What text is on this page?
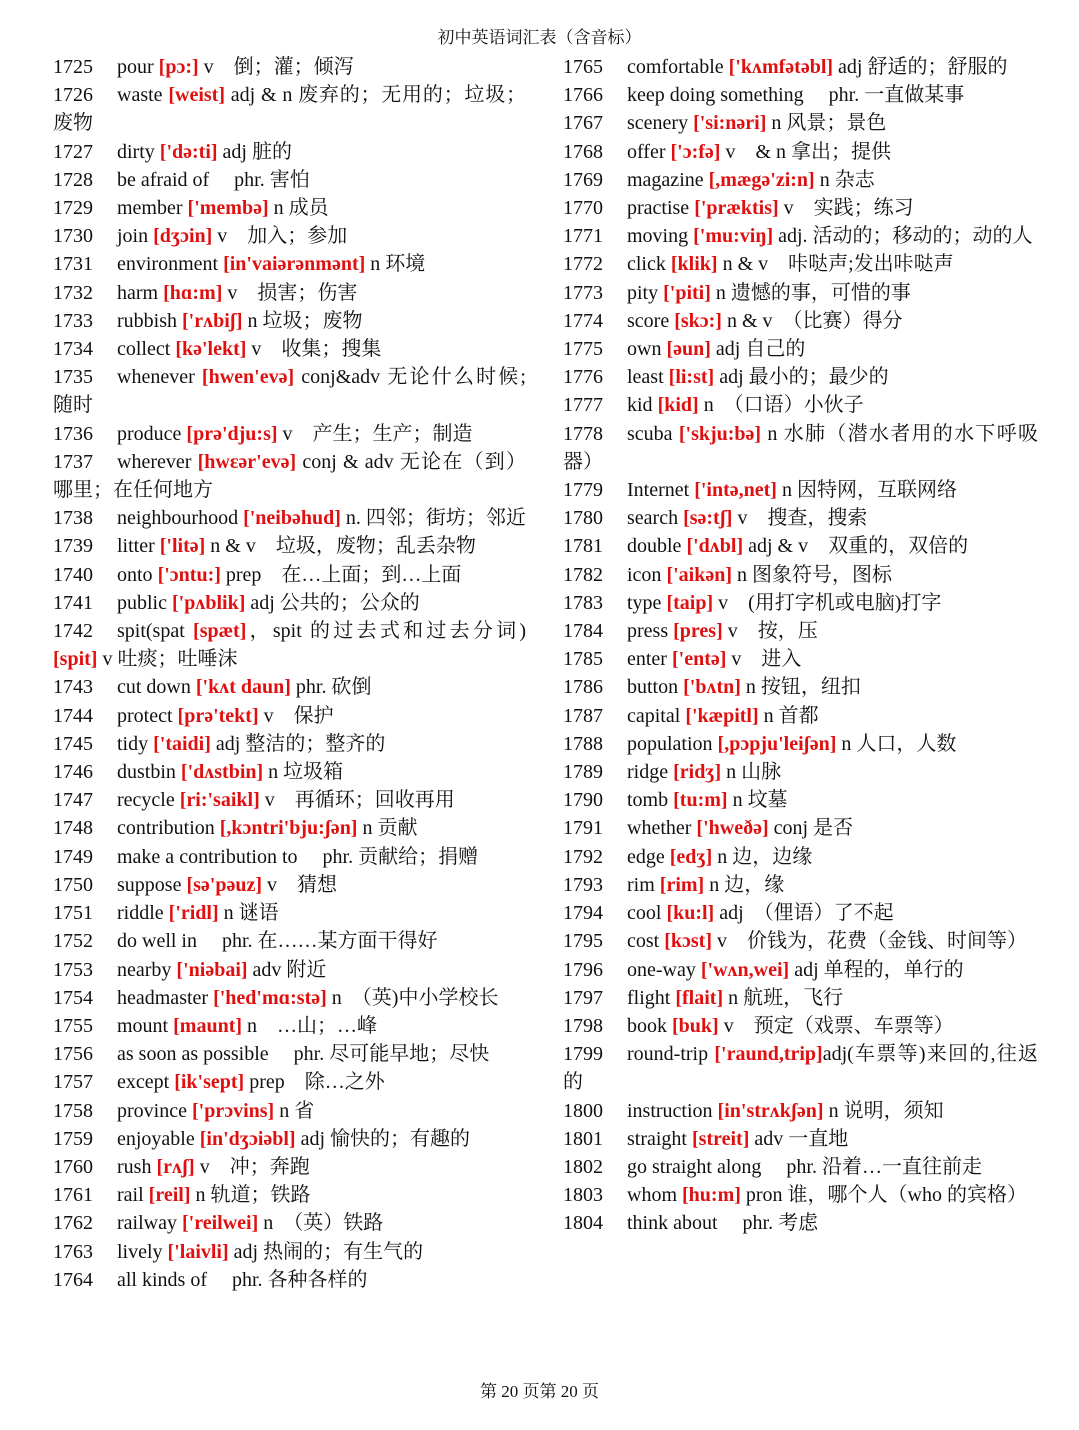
初中英语词汇表（含音标）
1725 pour [pɔ:] v　倒；灌；倾泻
1726 waste [weist] adj & n 废弃的；无用的；垃圾；废物
1727 dirty ['də:ti] adj 脏的
1728 be afraid of　 phr. 害怕
1729 member ['membə] n 成员
1730 join [dʒɔin] v　加入；参加
1731 environment [in'vaiərənmənt] n 环境
1732 harm [hɑ:m] v　损害；伤害
1733 rubbish ['rʌbiʃ] n 垃圾；废物
1734 collect [kə'lekt] v　收集；搜集
1735 whenever [hwen'evə] conj&adv 无论什么时候;随时
1736 produce [prə'dju:s] v　产生；生产；制造
1737 wherever [hwɛər'evə] conj & adv 无论在（到）哪里；在任何地方
1738 neighbourhood ['neibəhud] n. 四邻；街坊；邻近
1739 litter ['litə] n & v　垃圾，废物；乱丢杂物
1740 onto ['ɔntu:] prep　在…上面；到…上面
1741 public ['pʌblik] adj 公共的；公众的
1742 spit(spat [spæt]，spit 的过去式和过去分词)[spit] v 吐痰；吐唾沫
1743 cut down ['kʌt daun] phr. 砍倒
1744 protect [prə'tekt] v　保护
1745 tidy ['taidi] adj 整洁的；整齐的
1746 dustbin ['dʌstbin] n 垃圾箱
1747 recycle [ri:'saikl] v　再循环；回收再用
1748 contribution [,kɔntri'bju:ʃən] n 贡献
1749 make a contribution to　 phr. 贡献给；捐赠
1750 suppose [sə'pəuz] v　猜想
1751 riddle ['ridl] n 谜语
1752 do well in　 phr. 在……某方面干得好
1753 nearby ['niəbai] adv 附近
1754 headmaster ['hed'mɑ:stə] n　（英)中小学校长
1755 mount [maunt] n　…山；…峰
1756 as soon as possible　 phr. 尽可能早地；尽快
1757 except [ik'sept] prep　除…之外
1758 province ['prɔvins] n 省
1759 enjoyable [in'dʒɔiəbl] adj 愉快的；有趣的
1760 rush [rʌʃ] v　冲；奔跑
1761 rail [reil] n 轨道；铁路
1762 railway ['reilwei] n　（英）铁路
1763 lively ['laivli] adj 热闹的；有生气的
1764 all kinds of　 phr. 各种各样的
1765 comfortable ['kʌmfətəbl] adj 舒适的；舒服的
1766 keep doing something　 phr. 一直做某事
1767 scenery ['si:nəri] n 风景；景色
1768 offer ['ɔ:fə] v　& n 拿出；提供
1769 magazine [,mægə'zi:n] n 杂志
1770 practise ['præktis] v　实践；练习
1771 moving ['mu:viŋ] adj. 活动的；移动的；动的人
1772 click [klik] n & v　咔哒声;发出咔哒声
1773 pity ['piti] n 遗憾的事，可惜的事
1774 score [skɔ:] n & v　（比赛）得分
1775 own [əun] adj 自己的
1776 least [li:st] adj 最小的；最少的
1777 kid [kid] n　（口语）小伙子
1778 scuba ['skju:bə] n 水肺（潜水者用的水下呼吸器）
1779 Internet ['intə,net] n 因特网，互联网络
1780 search [sə:tʃ] v　搜查，搜索
1781 double ['dʌbl] adj & v　双重的，双倍的
1782 icon ['aikən] n 图象符号，图标
1783 type [taip] v　(用打字机或电脑)打字
1784 press [pres] v　按，压
1785 enter ['entə] v　进入
1786 button ['bʌtn] n 按钮，纽扣
1787 capital ['kæpitl] n 首都
1788 population [,pɔpju'leiʃən] n 人口，人数
1789 ridge [ridʒ] n 山脉
1790 tomb [tu:m] n 坟墓
1791 whether ['hweðə] conj 是否
1792 edge [edʒ] n 边，边缘
1793 rim [rim] n 边，缘
1794 cool [ku:l] adj　（俚语）了不起
1795 cost [kɔst] v　价钱为，花费（金钱、时间等）
1796 one-way ['wʌn,wei] adj 单程的，单行的
1797 flight [flait] n 航班，飞行
1798 book [buk] v　预定（戏票、车票等）
1799 round-trip ['raund,trip]adj(车票等)来回的,往返的
1800 instruction [in'strʌkʃən] n 说明，须知
1801 straight [streit] adv 一直地
1802 go straight along　 phr. 沿着…一直往前走
1803 whom [hu:m] pron 谁，哪个人（who 的宾格）
1804 think about　 phr. 考虑
第 20 页第 20 页
